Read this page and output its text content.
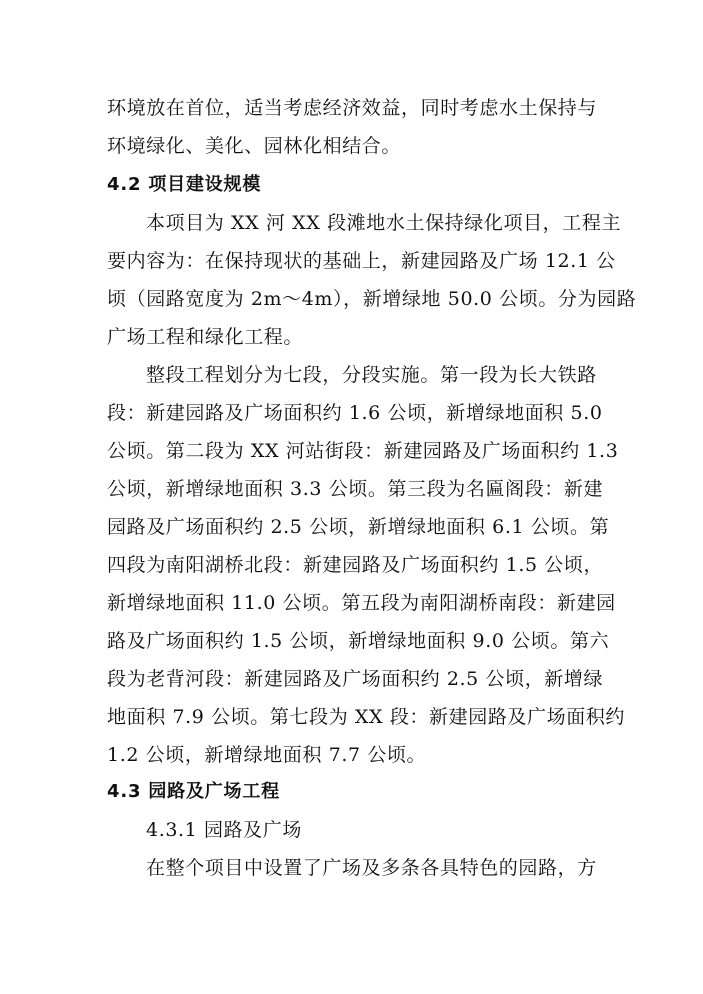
环境放在首位，适当考虑经济效益，同时考虑水土保持与
环境绿化、美化、园林化相结合。
4.2 项目建设规模
本项目为 XX 河 XX 段滩地水土保持绿化项目，工程主
要内容为：在保持现状的基础上，新建园路及广场 12.1 公
顷（园路宽度为 2m～4m），新增绿地 50.0 公顷。分为园路
广场工程和绿化工程。
整段工程划分为七段，分段实施。第一段为长大铁路
段：新建园路及广场面积约 1.6 公顷，新增绿地面积 5.0
公顷。第二段为 XX 河站街段：新建园路及广场面积约 1.3
公顷，新增绿地面积 3.3 公顷。第三段为名匾阁段：新建
园路及广场面积约 2.5 公顷，新增绿地面积 6.1 公顷。第
四段为南阳湖桥北段：新建园路及广场面积约 1.5 公顷，
新增绿地面积 11.0 公顷。第五段为南阳湖桥南段：新建园
路及广场面积约 1.5 公顷，新增绿地面积 9.0 公顷。第六
段为老背河段：新建园路及广场面积约 2.5 公顷，新增绿
地面积 7.9 公顷。第七段为 XX 段：新建园路及广场面积约
1.2 公顷，新增绿地面积 7.7 公顷。
4.3 园路及广场工程
4.3.1 园路及广场
在整个项目中设置了广场及多条各具特色的园路，方
